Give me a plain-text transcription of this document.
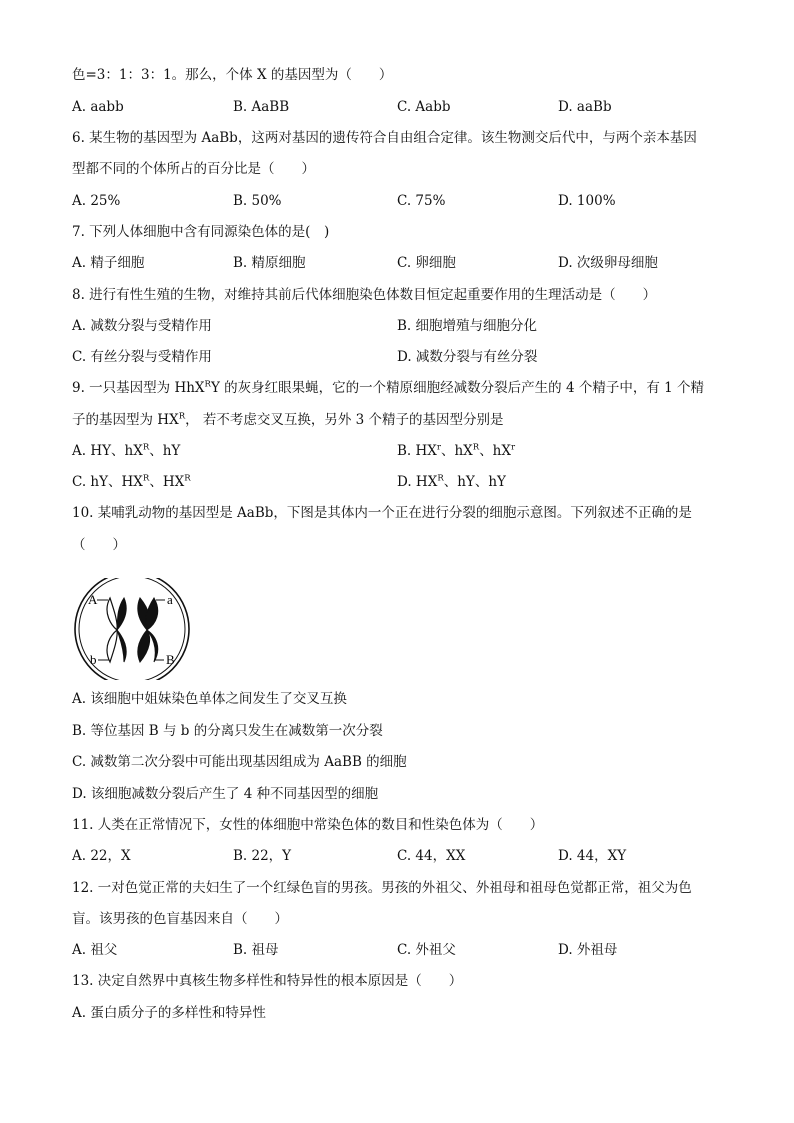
色=3：1：3：1。那么，个体 X 的基因型为（　　）
A. aabb	B. AaBB	C. Aabb	D. aaBb
6. 某生物的基因型为 AaBb，这两对基因的遗传符合自由组合定律。该生物测交后代中，与两个亲本基因
型都不同的个体所占的百分比是（　　）
A. 25%	B. 50%	C. 75%	D. 100%
7. 下列人体细胞中含有同源染色体的是(　)
A. 精子细胞	B. 精原细胞	C. 卵细胞	D. 次级卵母细胞
8. 进行有性生殖的生物，对维持其前后代体细胞染色体数目恒定起重要作用的生理活动是（　　）
A. 减数分裂与受精作用	B. 细胞增殖与细胞分化
C. 有丝分裂与受精作用	D. 减数分裂与有丝分裂
9. 一只基因型为 HhX$^R$Y 的灰身红眼果蝇，它的一个精原细胞经减数分裂后产生的 4 个精子中，有 1 个精
子的基因型为 $HX^R$， 若不考虑交叉互换，另外 3 个精子的基因型分别是
A. HY、$hX^R$、hY	B. $HX^r$、$hX^R$、$hX^r$
C. hY、$HX^R$、$HX^R$	D. $HX^R$、hY、hY
10. 某哺乳动物的基因型是 AaBb，下图是其体内一个正在进行分裂的细胞示意图。下列叙述不正确的是
（　　）
A	a
b	B
A. 该细胞中姐妹染色单体之间发生了交叉互换
B. 等位基因 B 与 b 的分离只发生在减数第一次分裂
C. 减数第二次分裂中可能出现基因组成为 AaBB 的细胞
D. 该细胞减数分裂后产生了 4 种不同基因型的细胞
11. 人类在正常情况下，女性的体细胞中常染色体的数目和性染色体为（　　）
A. 22，X	B. 22，Y	C. 44，XX	D. 44，XY
12. 一对色觉正常的夫妇生了一个红绿色盲的男孩。男孩的外祖父、外祖母和祖母色觉都正常，祖父为色
盲。该男孩的色盲基因来自（　　）
A. 祖父	B. 祖母	C. 外祖父	D. 外祖母
13. 决定自然界中真核生物多样性和特异性的根本原因是（　　）
A. 蛋白质分子的多样性和特异性
